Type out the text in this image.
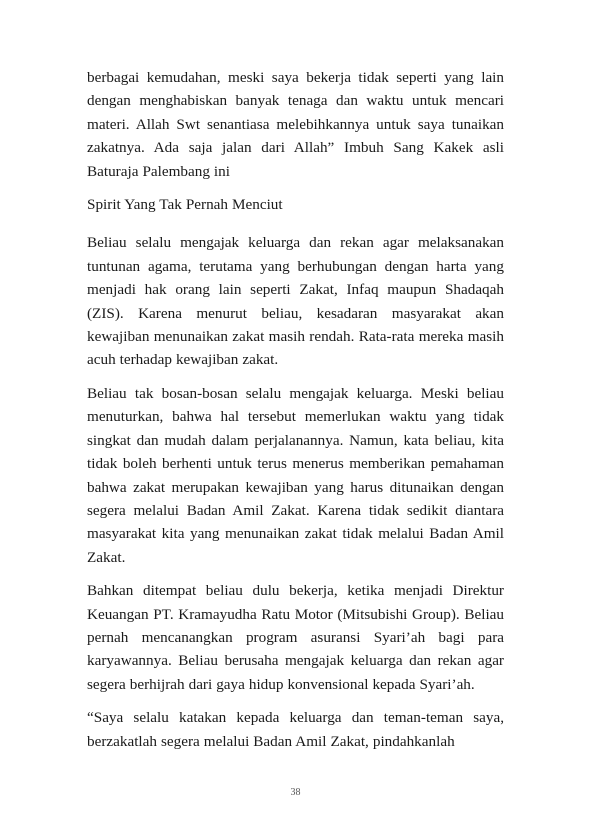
berbagai kemudahan, meski saya bekerja tidak seperti yang lain dengan menghabiskan banyak tenaga dan waktu untuk mencari materi. Allah Swt senantiasa melebihkannya untuk saya tunaikan zakatnya. Ada saja jalan dari Allah” Imbuh Sang Kakek asli Baturaja Palembang ini

Spirit Yang Tak Pernah Menciut

Beliau selalu mengajak keluarga dan rekan agar melaksanakan tuntunan agama, terutama yang berhubungan dengan harta yang menjadi hak orang lain seperti Zakat, Infaq maupun Shadaqah (ZIS). Karena menurut beliau, kesadaran masyarakat akan kewajiban menunaikan zakat masih rendah. Rata-rata mereka masih acuh terhadap kewajiban zakat.

Beliau tak bosan-bosan selalu mengajak keluarga. Meski beliau menuturkan, bahwa hal tersebut memerlukan waktu yang tidak singkat dan mudah dalam perjalanannya. Namun, kata beliau, kita tidak boleh berhenti untuk terus menerus memberikan pemahaman bahwa zakat merupakan kewajiban yang harus ditunaikan dengan segera melalui Badan Amil Zakat. Karena tidak sedikit diantara masyarakat kita yang menunaikan zakat tidak melalui Badan Amil Zakat.

Bahkan ditempat beliau dulu bekerja, ketika menjadi Direktur Keuangan PT. Kramayudha Ratu Motor (Mitsubishi Group). Beliau pernah mencanangkan program asuransi Syari’ah bagi para karyawannya. Beliau berusaha mengajak keluarga dan rekan agar segera berhijrah dari gaya hidup konvensional kepada Syari’ah.

“Saya selalu katakan kepada keluarga dan teman-teman saya, berzakatlah segera melalui Badan Amil Zakat, pindahkanlah

38
